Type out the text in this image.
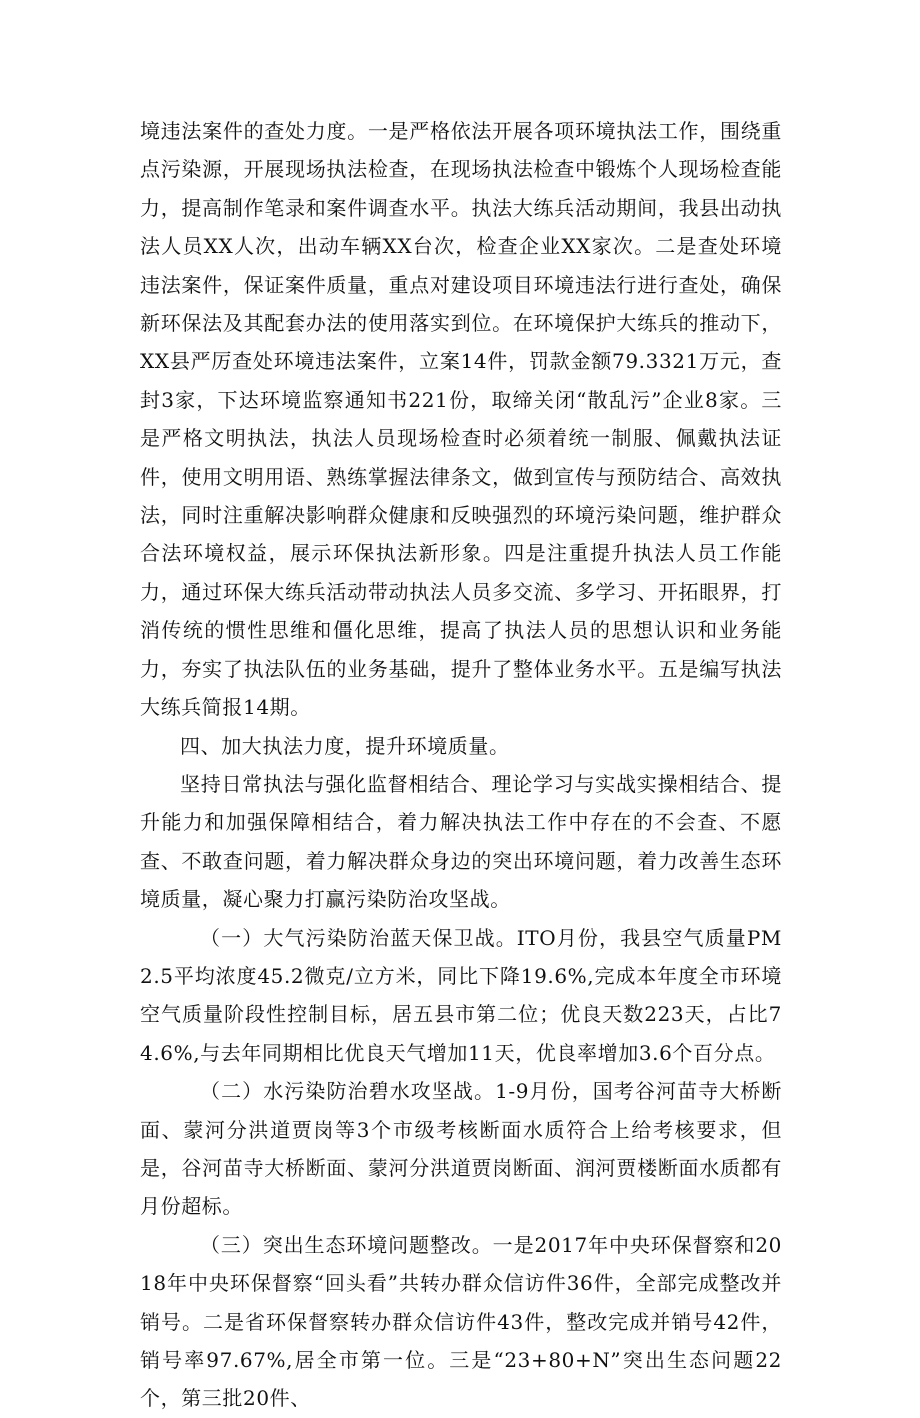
境违法案件的查处力度。一是严格依法开展各项环境执法工作，围绕重点污染源，开展现场执法检查，在现场执法检查中锻炼个人现场检查能力，提高制作笔录和案件调查水平。执法大练兵活动期间，我县出动执法人员XX人次，出动车辆XX台次，检查企业XX家次。二是查处环境违法案件，保证案件质量，重点对建设项目环境违法行进行查处，确保新环保法及其配套办法的使用落实到位。在环境保护大练兵的推动下，XX县严厉查处环境违法案件，立案14件，罚款金额79.3321万元，查封3家，下达环境监察通知书221份，取缔关闭“散乱污”企业8家。三是严格文明执法，执法人员现场检查时必须着统一制服、佩戴执法证件，使用文明用语、熟练掌握法律条文，做到宣传与预防结合、高效执法，同时注重解决影响群众健康和反映强烈的环境污染问题，维护群众合法环境权益，展示环保执法新形象。四是注重提升执法人员工作能力，通过环保大练兵活动带动执法人员多交流、多学习、开拓眼界，打消传统的惯性思维和僵化思维，提高了执法人员的思想认识和业务能力，夯实了执法队伍的业务基础，提升了整体业务水平。五是编写执法大练兵简报14期。

四、加大执法力度，提升环境质量。

坚持日常执法与强化监督相结合、理论学习与实战实操相结合、提升能力和加强保障相结合，着力解决执法工作中存在的不会查、不愿查、不敢查问题，着力解决群众身边的突出环境问题，着力改善生态环境质量，凝心聚力打赢污染防治攻坚战。

（一）大气污染防治蓝天保卫战。ITO月份，我县空气质量PM2.5平均浓度45.2微克/立方米，同比下降19.6%,完成本年度全市环境空气质量阶段性控制目标，居五县市第二位；优良天数223天，占比74.6%,与去年同期相比优良天气增加11天，优良率增加3.6个百分点。

（二）水污染防治碧水攻坚战。1-9月份，国考谷河苗寺大桥断面、蒙河分洪道贾岗等3个市级考核断面水质符合上给考核要求，但是，谷河苗寺大桥断面、蒙河分洪道贾岗断面、润河贾楼断面水质都有月份超标。

（三）突出生态环境问题整改。一是2017年中央环保督察和2018年中央环保督察“回头看”共转办群众信访件36件，全部完成整改并销号。二是省环保督察转办群众信访件43件，整改完成并销号42件，销号率97.67%,居全市第一位。三是“23+80+N”突出生态问题22个，第三批20件、
